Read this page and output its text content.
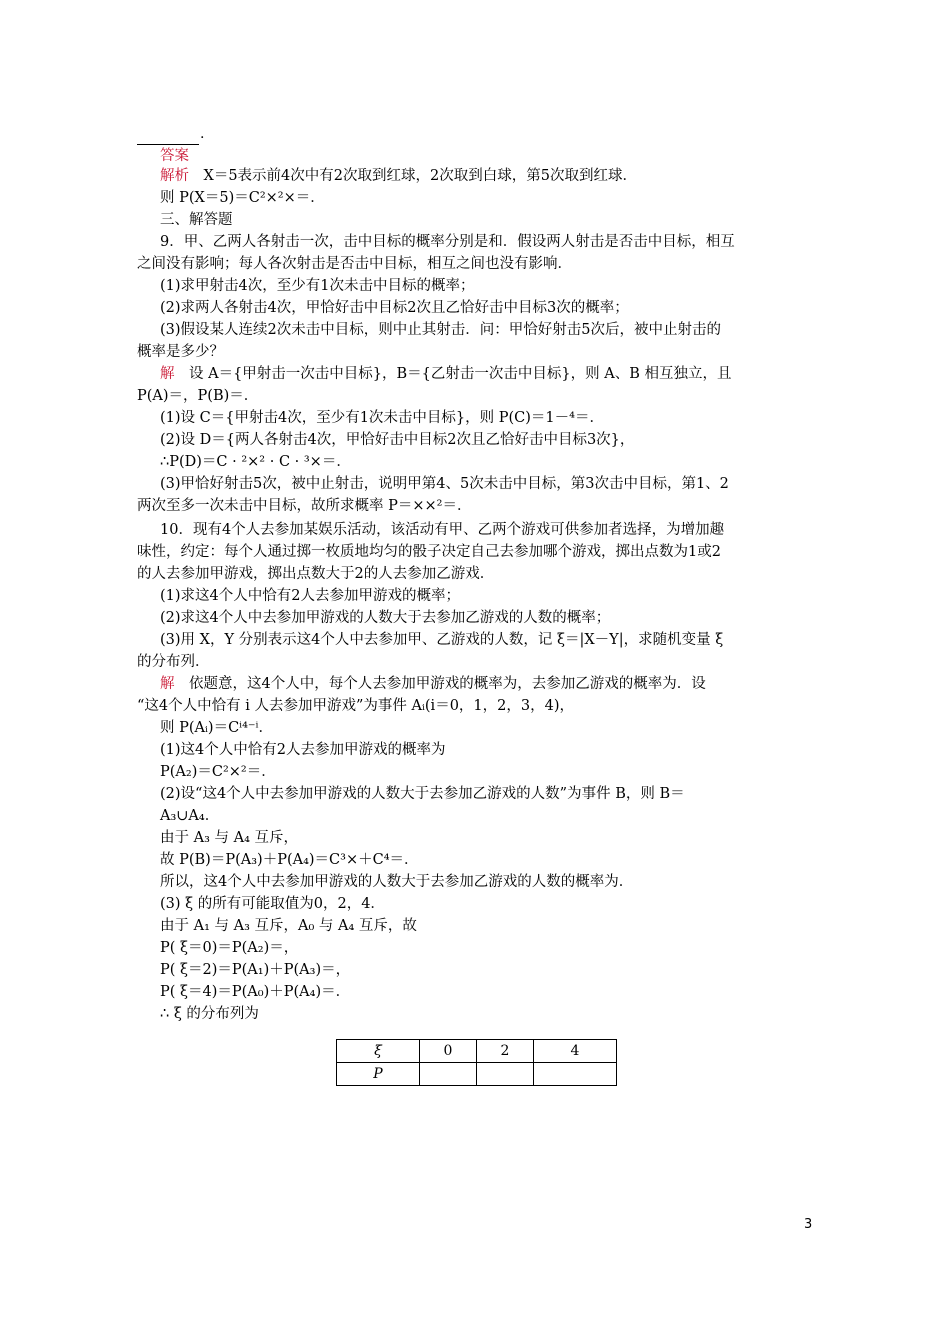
.
答案
解析　X＝5表示前4次中有2次取到红球，2次取到白球，第5次取到红球．
则 P(X＝5)＝C²×²×＝．
三、解答题
9．甲、乙两人各射击一次，击中目标的概率分别是和．假设两人射击是否击中目标，相互
之间没有影响；每人各次射击是否击中目标，相互之间也没有影响．
(1)求甲射击4次，至少有1次未击中目标的概率；
(2)求两人各射击4次，甲恰好击中目标2次且乙恰好击中目标3次的概率；
(3)假设某人连续2次未击中目标，则中止其射击．问：甲恰好射击5次后，被中止射击的
概率是多少？
解　设 A＝{甲射击一次击中目标}，B＝{乙射击一次击中目标}，则 A、B 相互独立，且
P(A)＝，P(B)＝．
(1)设 C＝{甲射击4次，至少有1次未击中目标}，则 P(C)＝1－⁴＝．
(2)设 D＝{两人各射击4次，甲恰好击中目标2次且乙恰好击中目标3次}，
∴P(D)＝C · ²×² · C · ³×＝．
(3)甲恰好射击5次，被中止射击，说明甲第4、5次未击中目标，第3次击中目标，第1、2
两次至多一次未击中目标，故所求概率 P＝××²＝．
10．现有4个人去参加某娱乐活动，该活动有甲、乙两个游戏可供参加者选择，为增加趣
味性，约定：每个人通过掷一枚质地均匀的骰子决定自己去参加哪个游戏，掷出点数为1或2
的人去参加甲游戏，掷出点数大于2的人去参加乙游戏．
(1)求这4个人中恰有2人去参加甲游戏的概率；
(2)求这4个人中去参加甲游戏的人数大于去参加乙游戏的人数的概率；
(3)用 X，Y 分别表示这4个人中去参加甲、乙游戏的人数，记 ξ＝|X－Y|，求随机变量 ξ
的分布列．
解　依题意，这4个人中，每个人去参加甲游戏的概率为，去参加乙游戏的概率为．设
“这4个人中恰有 i 人去参加甲游戏”为事件 Aᵢ(i＝0，1，2，3，4)，
则 P(Aᵢ)＝Cⁱ⁴⁻ⁱ．
(1)这4个人中恰有2人去参加甲游戏的概率为
P(A₂)＝C²×²＝．
(2)设“这4个人中去参加甲游戏的人数大于去参加乙游戏的人数”为事件 B，则 B＝
A₃∪A₄．
由于 A₃ 与 A₄ 互斥，
故 P(B)＝P(A₃)＋P(A₄)＝C³×＋C⁴＝．
所以，这4个人中去参加甲游戏的人数大于去参加乙游戏的人数的概率为．
(3) ξ 的所有可能取值为0，2，4．
由于 A₁ 与 A₃ 互斥，A₀ 与 A₄ 互斥，故
P( ξ＝0)＝P(A₂)＝，
P( ξ＝2)＝P(A₁)＋P(A₃)＝，
P( ξ＝4)＝P(A₀)＋P(A₄)＝．
∴ ξ 的分布列为
ξ	0	2	4
P			
3
